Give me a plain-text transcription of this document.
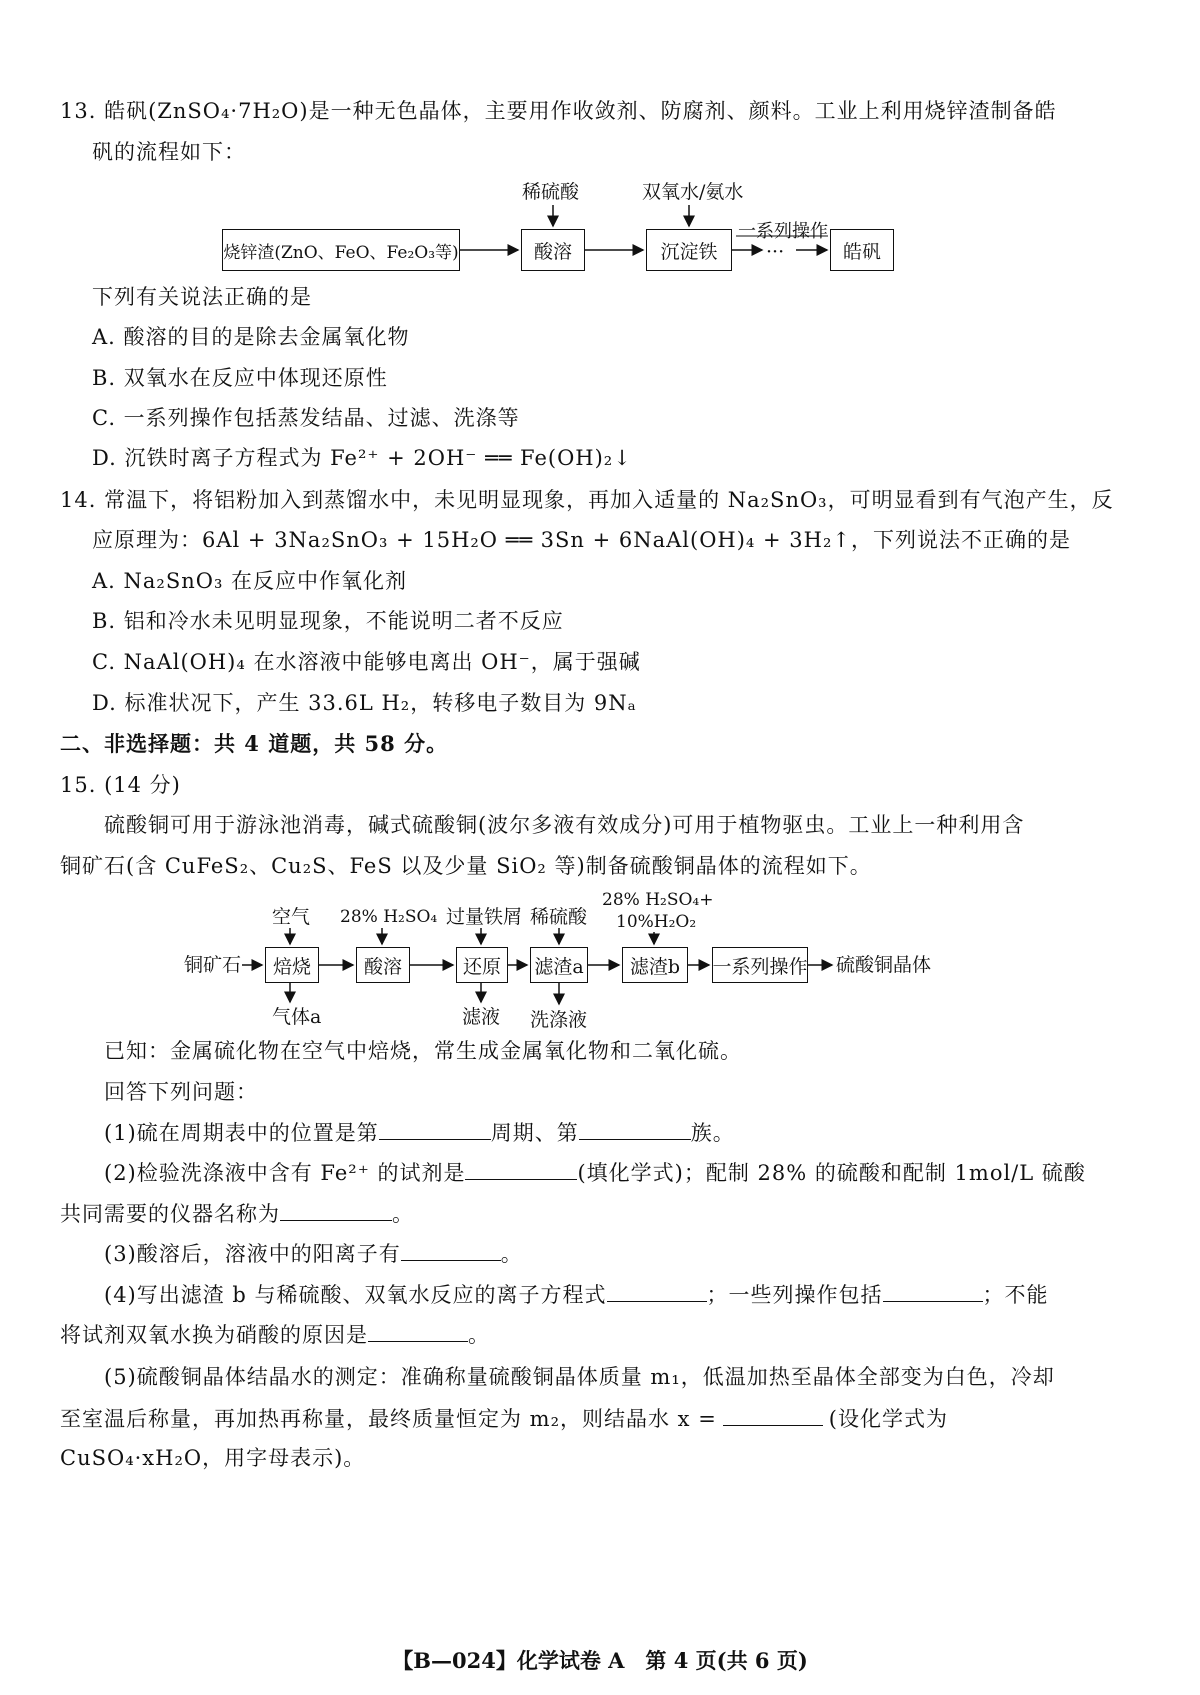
13. 皓矾(ZnSO₄·7H₂O)是一种无色晶体，主要用作收敛剂、防腐剂、颜料。工业上利用烧锌渣制备皓
矾的流程如下：
稀硫酸	双氧水/氨水
烧锌渣(ZnO、FeO、Fe₂O₃等)	酸溶	沉淀铁
一系列操作
···	皓矾
下列有关说法正确的是
A. 酸溶的目的是除去金属氧化物
B. 双氧水在反应中体现还原性
C. 一系列操作包括蒸发结晶、过滤、洗涤等
D. 沉铁时离子方程式为 Fe²⁺ + 2OH⁻ ══ Fe(OH)₂↓
14. 常温下，将铝粉加入到蒸馏水中，未见明显现象，再加入适量的 Na₂SnO₃，可明显看到有气泡产生，反
应原理为：6Al + 3Na₂SnO₃ + 15H₂O ══ 3Sn + 6NaAl(OH)₄ + 3H₂↑，下列说法不正确的是
A. Na₂SnO₃ 在反应中作氧化剂
B. 铝和冷水未见明显现象，不能说明二者不反应
C. NaAl(OH)₄ 在水溶液中能够电离出 OH⁻，属于强碱
D. 标准状况下，产生 33.6L H₂，转移电子数目为 9Nₐ
二、非选择题：共 4 道题，共 58 分。
15. (14 分)
硫酸铜可用于游泳池消毒，碱式硫酸铜(波尔多液有效成分)可用于植物驱虫。工业上一种利用含
铜矿石(含 CuFeS₂、Cu₂S、FeS 以及少量 SiO₂ 等)制备硫酸铜晶体的流程如下。
空气 28% H₂SO₄ 过量铁屑 稀硫酸
28% H₂SO₄+
10%H₂O₂
铜矿石	焙烧	酸溶	还原	滤渣a	滤渣b	一系列操作 硫酸铜晶体
气体a	滤液 洗涤液
已知：金属硫化物在空气中焙烧，常生成金属氧化物和二氧化硫。
回答下列问题：
(1)硫在周期表中的位置是第	周期、第	族。
(2)检验洗涤液中含有 Fe²⁺ 的试剂是	(填化学式)；配制 28% 的硫酸和配制 1mol/L 硫酸
共同需要的仪器名称为	。
(3)酸溶后，溶液中的阳离子有	。
(4)写出滤渣 b 与稀硫酸、双氧水反应的离子方程式	；一些列操作包括	；不能
将试剂双氧水换为硝酸的原因是	。
(5)硫酸铜晶体结晶水的测定：准确称量硫酸铜晶体质量 m₁，低温加热至晶体全部变为白色，冷却
至室温后称量，再加热再称量，最终质量恒定为 m₂，则结晶水 x =	(设化学式为
CuSO₄·xH₂O，用字母表示)。
【B—024】化学试卷 A　第 4 页(共 6 页)
